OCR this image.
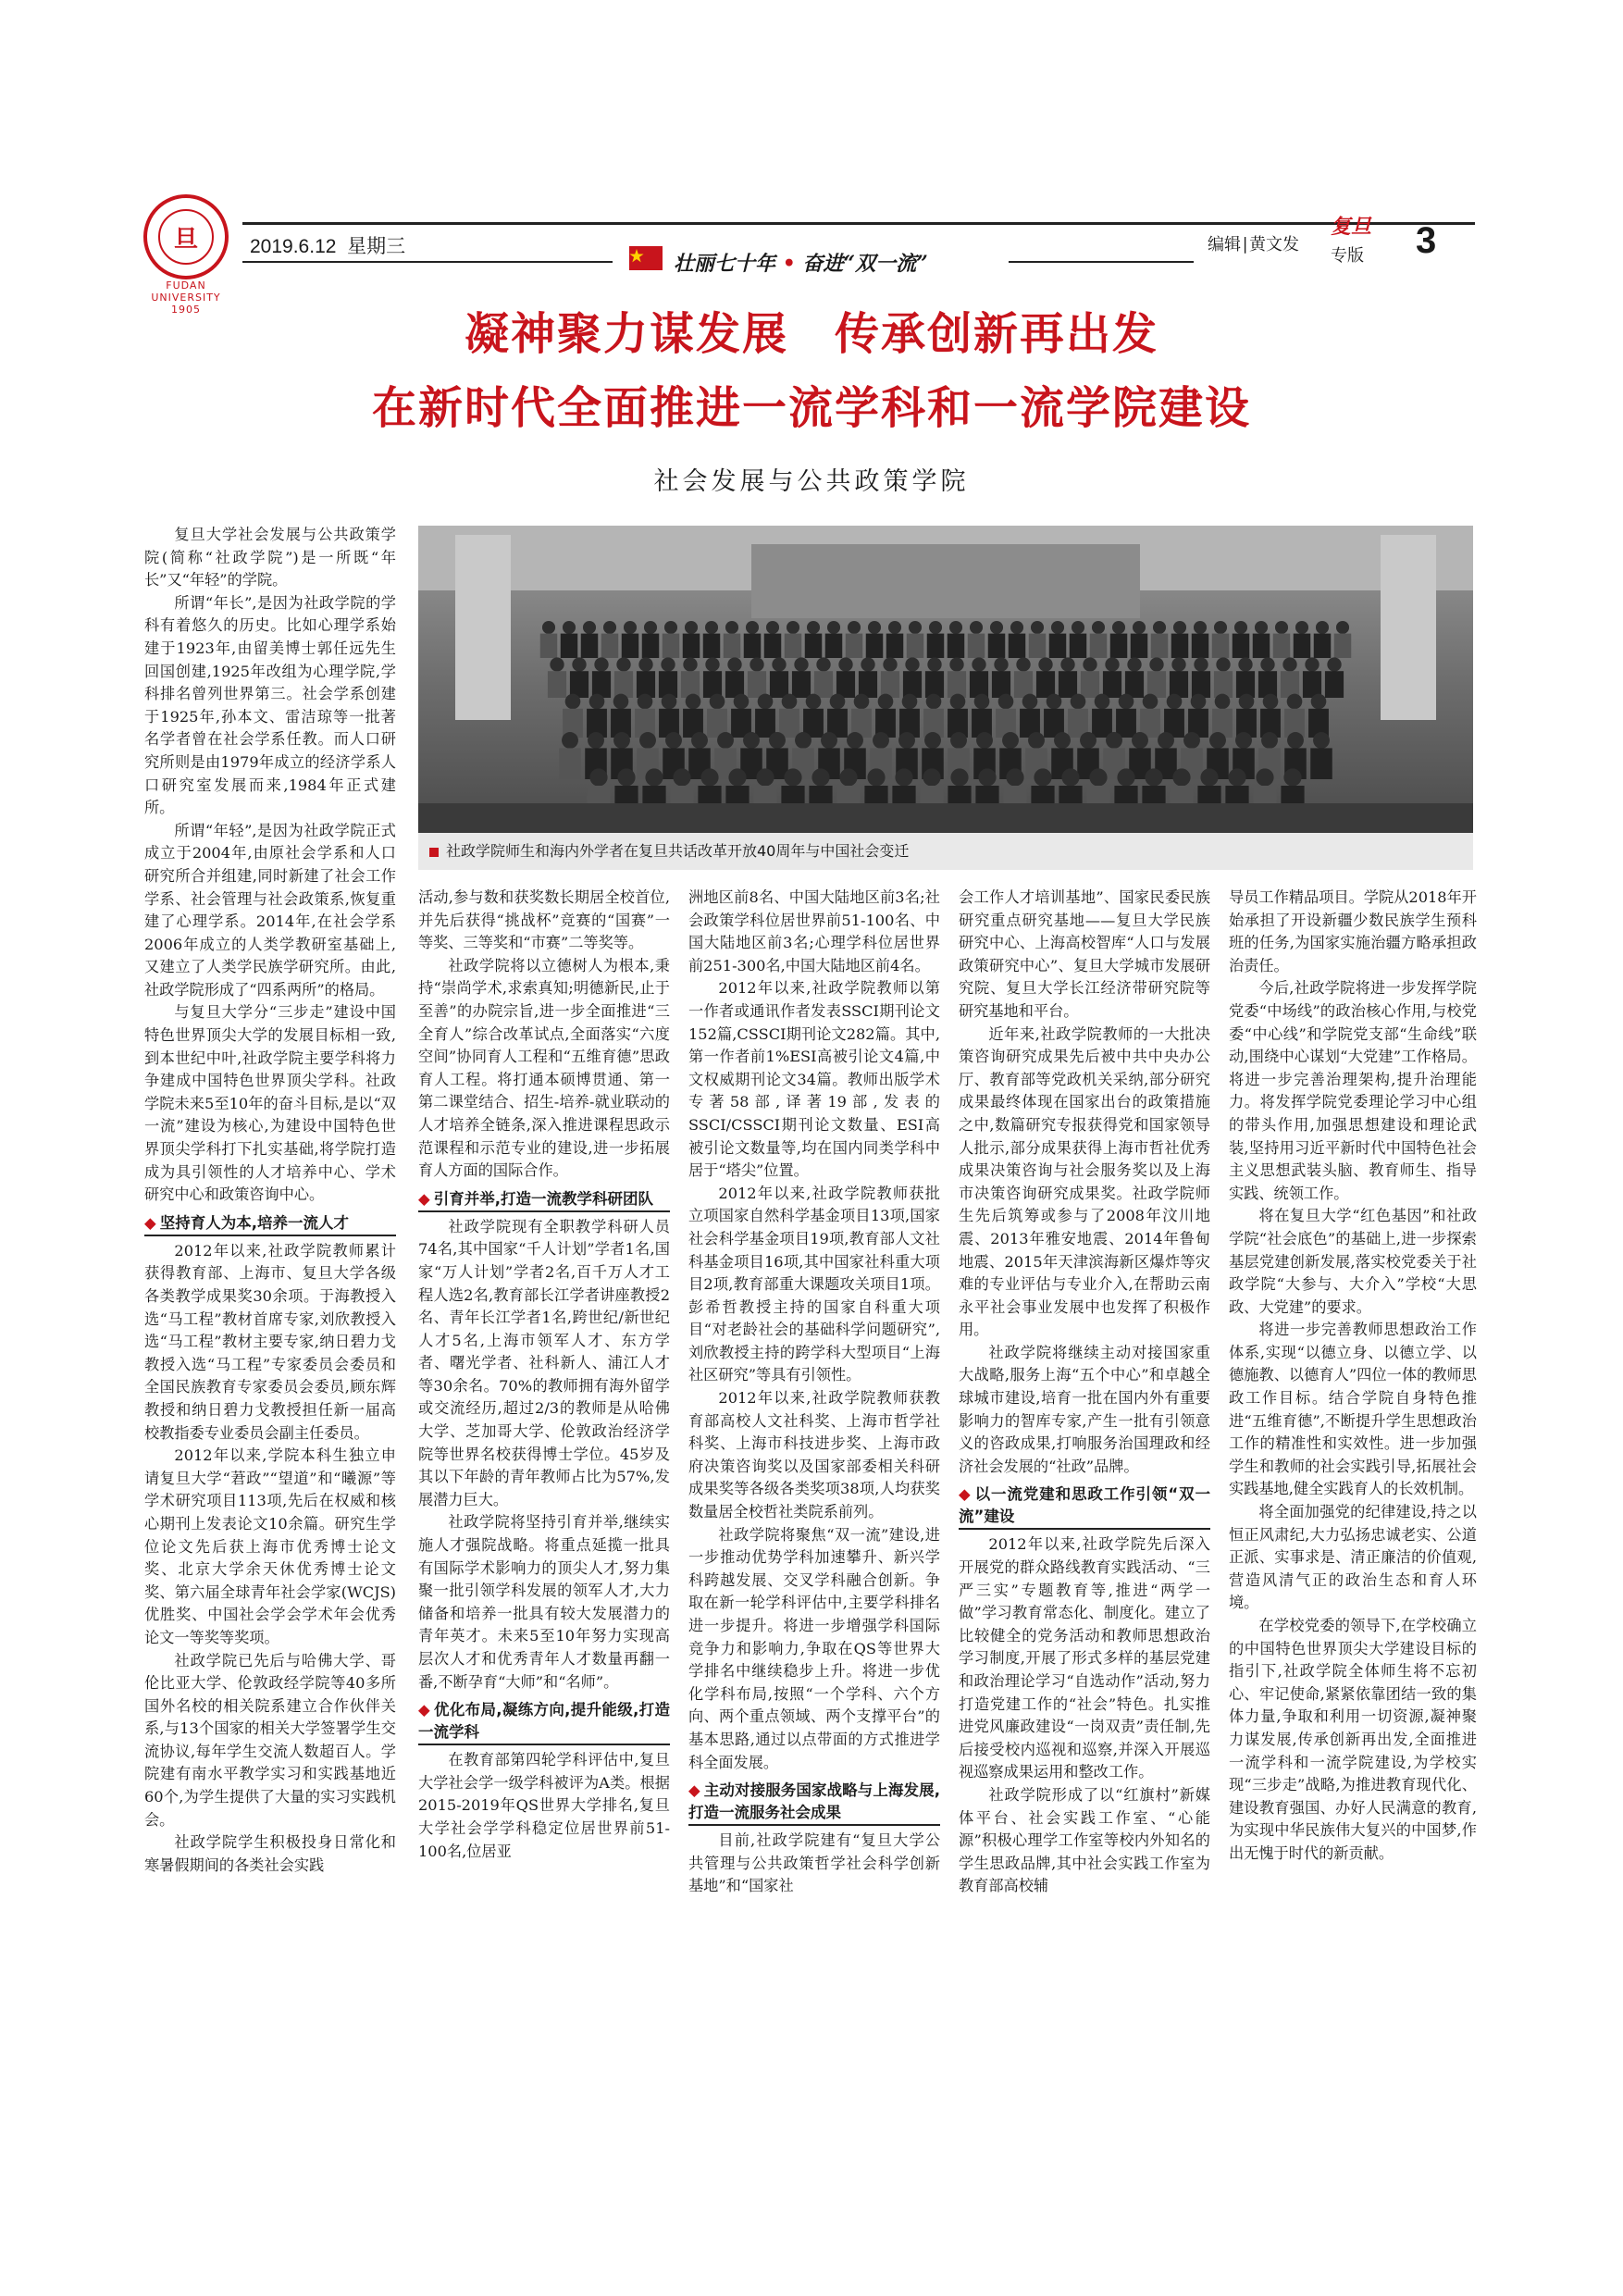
旦
FUDAN UNIVERSITY 1905
2019.6.12 星期三
壮丽七十年 • 奋进“双一流”
编辑∣黄文发
复旦
专版 3
凝神聚力谋发展　传承创新再出发
在新时代全面推进一流学科和一流学院建设
社会发展与公共政策学院
社政学院师生和海内外学者在复旦共话改革开放40周年与中国社会变迁

复旦大学社会发展与公共政策学院(简称“社政学院”)是一所既“年长”又“年轻”的学院。

所谓“年长”,是因为社政学院的学科有着悠久的历史。比如心理学系始建于1923年,由留美博士郭任远先生回国创建,1925年改组为心理学院,学科排名曾列世界第三。社会学系创建于1925年,孙本文、雷洁琼等一批著名学者曾在社会学系任教。而人口研究所则是由1979年成立的经济学系人口研究室发展而来,1984年正式建所。

所谓“年轻”,是因为社政学院正式成立于2004年,由原社会学系和人口研究所合并组建,同时新建了社会工作学系、社会管理与社会政策系,恢复重建了心理学系。2014年,在社会学系2006年成立的人类学教研室基础上,又建立了人类学民族学研究所。由此,社政学院形成了“四系两所”的格局。

与复旦大学分“三步走”建设中国特色世界顶尖大学的发展目标相一致,到本世纪中叶,社政学院主要学科将力争建成中国特色世界顶尖学科。社政学院未来5至10年的奋斗目标,是以“双一流”建设为核心,为建设中国特色世界顶尖学科打下扎实基础,将学院打造成为具引领性的人才培养中心、学术研究中心和政策咨询中心。

◆ 坚持育人为本,培养一流人才

2012年以来,社政学院教师累计获得教育部、上海市、复旦大学各级各类教学成果奖30余项。于海教授入选“马工程”教材首席专家,刘欣教授入选“马工程”教材主要专家,纳日碧力戈教授入选“马工程”专家委员会委员和全国民族教育专家委员会委员,顾东辉教授和纳日碧力戈教授担任新一届高校教指委专业委员会副主任委员。

2012年以来,学院本科生独立申请复旦大学“莙政”“望道”和“曦源”等学术研究项目113项,先后在权威和核心期刊上发表论文10余篇。研究生学位论文先后获上海市优秀博士论文奖、北京大学余天休优秀博士论文奖、第六届全球青年社会学家(WCJS)优胜奖、中国社会学会学术年会优秀论文一等奖等奖项。

社政学院已先后与哈佛大学、哥伦比亚大学、伦敦政经学院等40多所国外名校的相关院系建立合作伙伴关系,与13个国家的相关大学签署学生交流协议,每年学生交流人数超百人。学院建有南水平教学实习和实践基地近60个,为学生提供了大量的实习实践机会。

社政学院学生积极投身日常化和寒暑假期间的各类社会实践

活动,参与数和获奖数长期居全校首位,并先后获得“挑战杯”竞赛的“国赛”一等奖、三等奖和“市赛”二等奖等。

社政学院将以立德树人为根本,秉持“崇尚学术,求索真知;明德新民,止于至善”的办院宗旨,进一步全面推进“三全育人”综合改革试点,全面落实“六度空间”协同育人工程和“五维育德”思政育人工程。将打通本硕博贯通、第一第二课堂结合、招生-培养-就业联动的人才培养全链条,深入推进课程思政示范课程和示范专业的建设,进一步拓展育人方面的国际合作。

◆ 引育并举,打造一流教学科研团队

社政学院现有全职教学科研人员74名,其中国家“千人计划”学者1名,国家“万人计划”学者2名,百千万人才工程人选2名,教育部长江学者讲座教授2名、青年长江学者1名,跨世纪/新世纪人才5名,上海市领军人才、东方学者、曙光学者、社科新人、浦江人才等30余名。70%的教师拥有海外留学或交流经历,超过2/3的教师是从哈佛大学、芝加哥大学、伦敦政治经济学院等世界名校获得博士学位。45岁及其以下年龄的青年教师占比为57%,发展潜力巨大。

社政学院将坚持引育并举,继续实施人才强院战略。将重点延揽一批具有国际学术影响力的顶尖人才,努力集聚一批引领学科发展的领军人才,大力储备和培养一批具有较大发展潜力的青年英才。未来5至10年努力实现高层次人才和优秀青年人才数量再翻一番,不断孕育“大师”和“名师”。

◆ 优化布局,凝练方向,提升能级,打造一流学科

在教育部第四轮学科评估中,复旦大学社会学一级学科被评为A类。根据2015-2019年QS世界大学排名,复旦大学社会学学科稳定位居世界前51-100名,位居亚

洲地区前8名、中国大陆地区前3名;社会政策学科位居世界前51-100名、中国大陆地区前3名;心理学科位居世界前251-300名,中国大陆地区前4名。

2012年以来,社政学院教师以第一作者或通讯作者发表SSCI期刊论文152篇,CSSCI期刊论文282篇。其中,第一作者前1%ESI高被引论文4篇,中文权威期刊论文34篇。教师出版学术专著58部,译著19部,发表的SSCI/CSSCI期刊论文数量、ESI高被引论文数量等,均在国内同类学科中居于“塔尖”位置。

2012年以来,社政学院教师获批立项国家自然科学基金项目13项,国家社会科学基金项目19项,教育部人文社科基金项目16项,其中国家社科重大项目2项,教育部重大课题攻关项目1项。彭希哲教授主持的国家自科重大项目“对老龄社会的基础科学问题研究”,刘欣教授主持的跨学科大型项目“上海社区研究”等具有引领性。

2012年以来,社政学院教师获教育部高校人文社科奖、上海市哲学社科奖、上海市科技进步奖、上海市政府决策咨询奖以及国家部委相关科研成果奖等各级各类奖项38项,人均获奖数量居全校哲社类院系前列。

社政学院将聚焦“双一流”建设,进一步推动优势学科加速攀升、新兴学科跨越发展、交叉学科融合创新。争取在新一轮学科评估中,主要学科排名进一步提升。将进一步增强学科国际竞争力和影响力,争取在QS等世界大学排名中继续稳步上升。将进一步优化学科布局,按照“一个学科、六个方向、两个重点领域、两个支撑平台”的基本思路,通过以点带面的方式推进学科全面发展。

◆ 主动对接服务国家战略与上海发展,打造一流服务社会成果

目前,社政学院建有“复旦大学公共管理与公共政策哲学社会科学创新基地”和“国家社

会工作人才培训基地”、国家民委民族研究重点研究基地——复旦大学民族研究中心、上海高校智库“人口与发展政策研究中心”、复旦大学城市发展研究院、复旦大学长江经济带研究院等研究基地和平台。

近年来,社政学院教师的一大批决策咨询研究成果先后被中共中央办公厅、教育部等党政机关采纳,部分研究成果最终体现在国家出台的政策措施之中,数篇研究专报获得党和国家领导人批示,部分成果获得上海市哲社优秀成果决策咨询与社会服务奖以及上海市决策咨询研究成果奖。社政学院师生先后筑筹或参与了2008年汶川地震、2013年雅安地震、2014年鲁甸地震、2015年天津滨海新区爆炸等灾难的专业评估与专业介入,在帮助云南永平社会事业发展中也发挥了积极作用。

社政学院将继续主动对接国家重大战略,服务上海“五个中心”和卓越全球城市建设,培育一批在国内外有重要影响力的智库专家,产生一批有引领意义的咨政成果,打响服务治国理政和经济社会发展的“社政”品牌。

◆ 以一流党建和思政工作引领“双一流”建设

2012年以来,社政学院先后深入开展党的群众路线教育实践活动、“三严三实”专题教育等,推进“两学一做”学习教育常态化、制度化。建立了比较健全的党务活动和教师思想政治学习制度,开展了形式多样的基层党建和政治理论学习“自选动作”活动,努力打造党建工作的“社会”特色。扎实推进党风廉政建设“一岗双责”责任制,先后接受校内巡视和巡察,并深入开展巡视巡察成果运用和整改工作。

社政学院形成了以“红旗村”新媒体平台、社会实践工作室、“心能源”积极心理学工作室等校内外知名的学生思政品牌,其中社会实践工作室为教育部高校辅

导员工作精品项目。学院从2018年开始承担了开设新疆少数民族学生预科班的任务,为国家实施治疆方略承担政治责任。

今后,社政学院将进一步发挥学院党委“中场线”的政治核心作用,与校党委“中心线”和学院党支部“生命线”联动,围绕中心谋划“大党建”工作格局。将进一步完善治理架构,提升治理能力。将发挥学院党委理论学习中心组的带头作用,加强思想建设和理论武装,坚持用习近平新时代中国特色社会主义思想武装头脑、教育师生、指导实践、统领工作。

将在复旦大学“红色基因”和社政学院“社会底色”的基础上,进一步探索基层党建创新发展,落实校党委关于社政学院“大参与、大介入”学校“大思政、大党建”的要求。

将进一步完善教师思想政治工作体系,实现“以德立身、以德立学、以德施教、以德育人”四位一体的教师思政工作目标。结合学院自身特色推进“五维育德”,不断提升学生思想政治工作的精准性和实效性。进一步加强学生和教师的社会实践引导,拓展社会实践基地,健全实践育人的长效机制。

将全面加强党的纪律建设,持之以恒正风肃纪,大力弘扬忠诚老实、公道正派、实事求是、清正廉洁的价值观,营造风清气正的政治生态和育人环境。

在学校党委的领导下,在学校确立的中国特色世界顶尖大学建设目标的指引下,社政学院全体师生将不忘初心、牢记使命,紧紧依靠团结一致的集体力量,争取和利用一切资源,凝神聚力谋发展,传承创新再出发,全面推进一流学科和一流学院建设,为学校实现“三步走”战略,为推进教育现代化、建设教育强国、办好人民满意的教育,为实现中华民族伟大复兴的中国梦,作出无愧于时代的新贡献。
